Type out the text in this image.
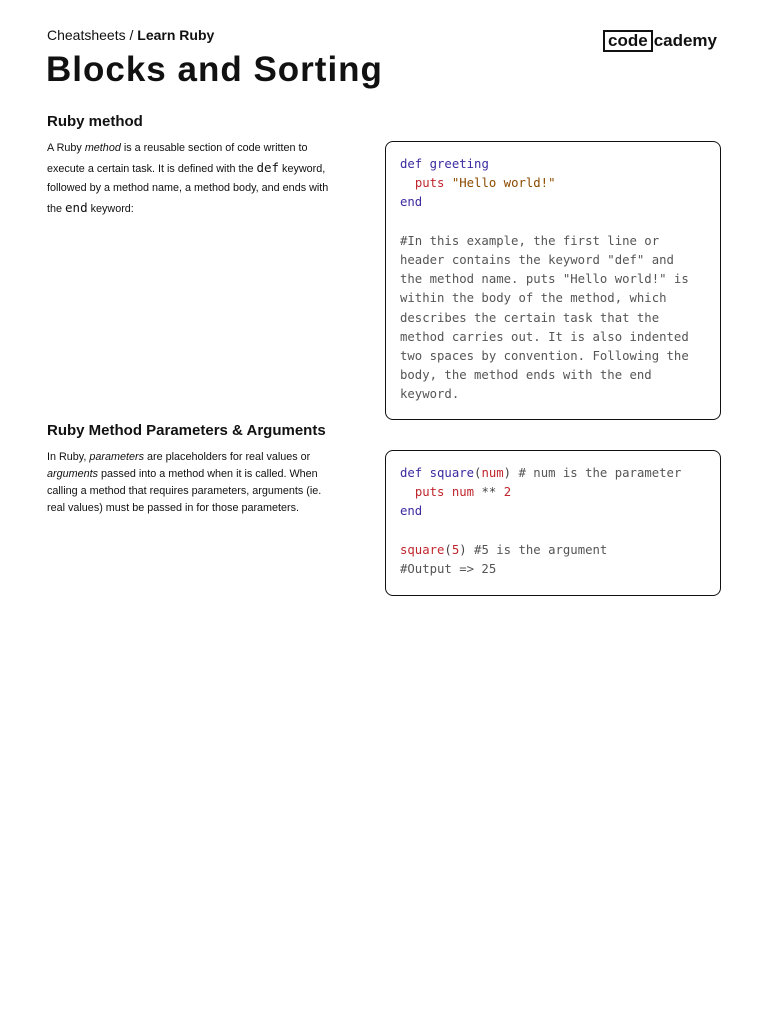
Cheatsheets / Learn Ruby	code cademy
Blocks and Sorting
Ruby method

A Ruby method is a reusable section of code written to execute a certain task. It is defined with the def keyword, followed by a method name, a method body, and ends with the end keyword:

def greeting
puts "Hello world!"
end
#In this example, the first line or
header contains the keyword "def" and
the method name. puts "Hello world!" is
within the body of the method, which
describes the certain task that the
method carries out. It is also indented
two spaces by convention. Following the
body, the method ends with the end
keyword.
Ruby Method Parameters & Arguments

In Ruby, parameters are placeholders for real values or arguments passed into a method when it is called. When calling a method that requires parameters, arguments (ie. real values) must be passed in for those parameters.

def square(num) # num is the parameter
puts num ** 2
end
square(5) #5 is the argument
#Output => 25
